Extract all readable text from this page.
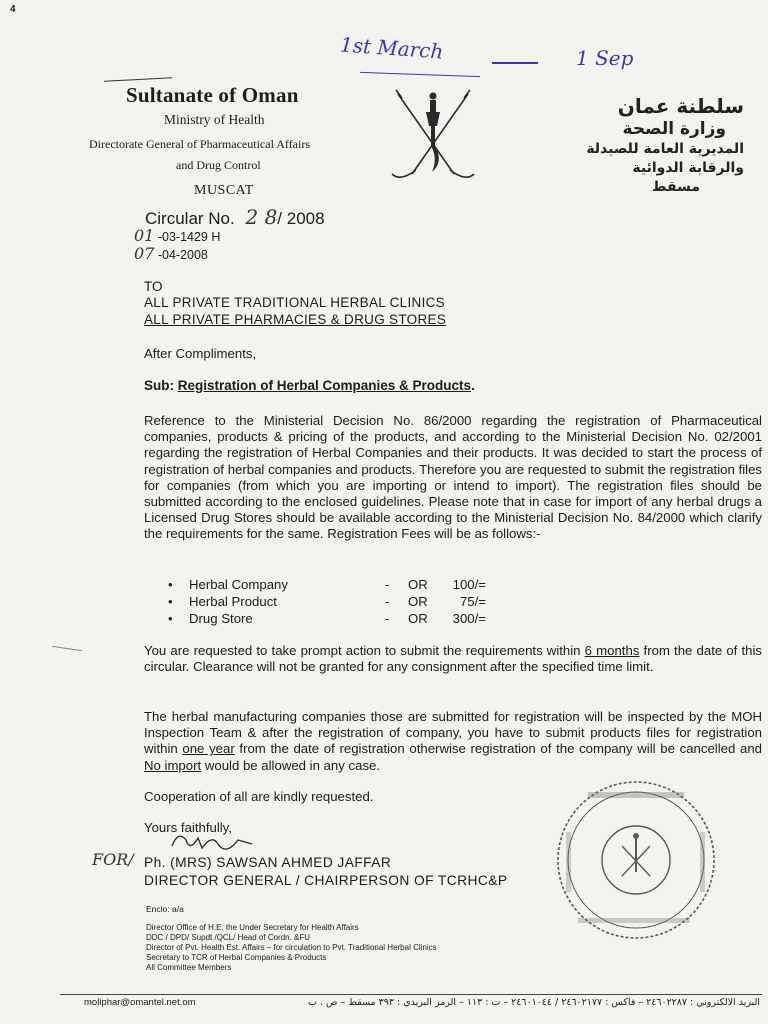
4
1st March	1 Sep
Sultanate of Oman
Ministry of Health
Directorate General of Pharmaceutical Affairs
and Drug Control
MUSCAT
سلطنة عمان
وزارة الصحة
المديرية العامة للصيدلة
والرقابة الدوائية
مسقط
Circular No. 2 8/ 2008
01 -03-1429 H
07 -04-2008
TO
ALL PRIVATE TRADITIONAL HERBAL CLINICS
ALL PRIVATE PHARMACIES & DRUG STORES
After Compliments,
Sub: Registration of Herbal Companies & Products.
Reference to the Ministerial Decision No. 86/2000 regarding the registration of Pharmaceutical companies, products & pricing of the products, and according to the Ministerial Decision No. 02/2001 regarding the registration of Herbal Companies and their products. It was decided to start the process of registration of herbal companies and products. Therefore you are requested to submit the registration files for companies (from which you are importing or intend to import). The registration files should be submitted according to the enclosed guidelines. Please note that in case for import of any herbal drugs a Licensed Drug Stores should be available according to the Ministerial Decision No. 84/2000 which clarify the requirements for the same. Registration Fees will be as follows:-
• Herbal Company	- OR	100/=
• Herbal Product	- OR	75/=
• Drug Store	- OR	300/=
You are requested to take prompt action to submit the requirements within 6 months from the date of this circular. Clearance will not be granted for any consignment after the specified time limit.
The herbal manufacturing companies those are submitted for registration will be inspected by the MOH Inspection Team & after the registration of company, you have to submit products files for registration within one year from the date of registration otherwise registration of the company will be cancelled and No import would be allowed in any case.
Cooperation of all are kindly requested.
Yours faithfully,
FOR/ Ph. (MRS) SAWSAN AHMED JAFFAR
DIRECTOR GENERAL / CHAIRPERSON OF TCRHC&P
Enclo: a/a
Director Office of H.E. the Under Secretary for Health Affairs
DDC / DPD/ Supdt /QCL/ Head of Cordn. &FU
Director of Pvt. Health Est. Affairs – for circulation to Pvt. Traditional Herbal Clinics
Secretary to TCR of Herbal Companies & Products
All Committee Members
moliphar@omantel.net.om	البريد الالكتروني : ٢٤٦٠٢٢٨٧ – فاكس : ٢٤٦٠٢١٧٧ / ٢٤٦٠١٠٤٤ – ت : ١١٣ – الرمز البريدي : ٣٩٣ مسقط – ص . ب
